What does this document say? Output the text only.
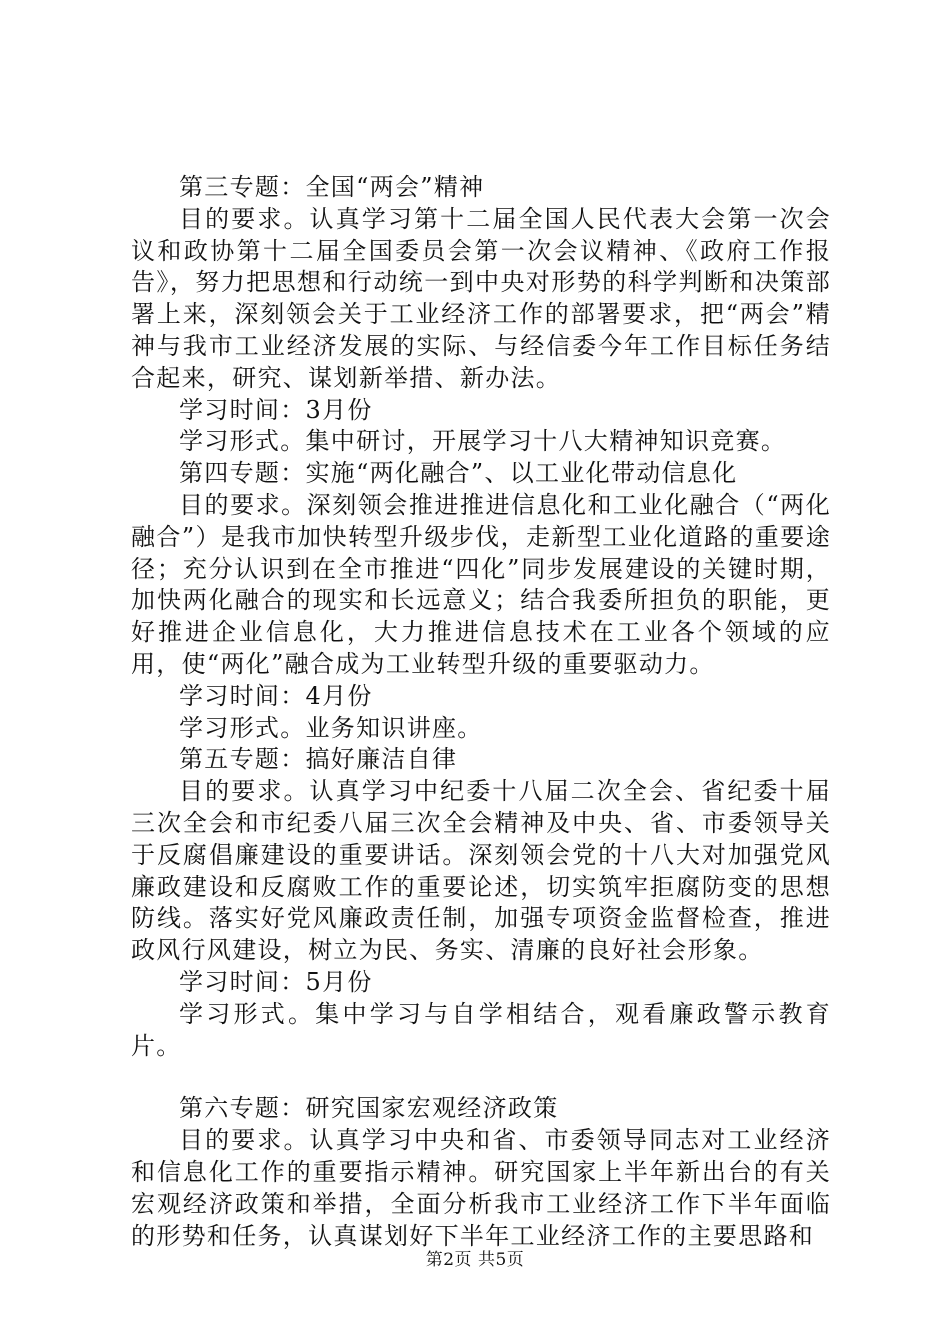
第三专题：全国“两会”精神

目的要求。认真学习第十二届全国人民代表大会第一次会议和政协第十二届全国委员会第一次会议精神、《政府工作报告》，努力把思想和行动统一到中央对形势的科学判断和决策部署上来，深刻领会关于工业经济工作的部署要求，把“两会”精神与我市工业经济发展的实际、与经信委今年工作目标任务结合起来，研究、谋划新举措、新办法。

学习时间：3月份

学习形式。集中研讨，开展学习十八大精神知识竞赛。

第四专题：实施“两化融合”、以工业化带动信息化

目的要求。深刻领会推进推进信息化和工业化融合（“两化融合”）是我市加快转型升级步伐，走新型工业化道路的重要途径；充分认识到在全市推进“四化”同步发展建设的关键时期，加快两化融合的现实和长远意义；结合我委所担负的职能，更好推进企业信息化，大力推进信息技术在工业各个领域的应用，使“两化”融合成为工业转型升级的重要驱动力。

学习时间：4月份

学习形式。业务知识讲座。

第五专题：搞好廉洁自律

目的要求。认真学习中纪委十八届二次全会、省纪委十届三次全会和市纪委八届三次全会精神及中央、省、市委领导关于反腐倡廉建设的重要讲话。深刻领会党的十八大对加强党风廉政建设和反腐败工作的重要论述，切实筑牢拒腐防变的思想防线。落实好党风廉政责任制，加强专项资金监督检查，推进政风行风建设，树立为民、务实、清廉的良好社会形象。

学习时间：5月份

学习形式。集中学习与自学相结合，观看廉政警示教育片。

第六专题：研究国家宏观经济政策

目的要求。认真学习中央和省、市委领导同志对工业经济和信息化工作的重要指示精神。研究国家上半年新出台的有关宏观经济政策和举措，全面分析我市工业经济工作下半年面临的形势和任务，认真谋划好下半年工业经济工作的主要思路和

第2页 共5页
